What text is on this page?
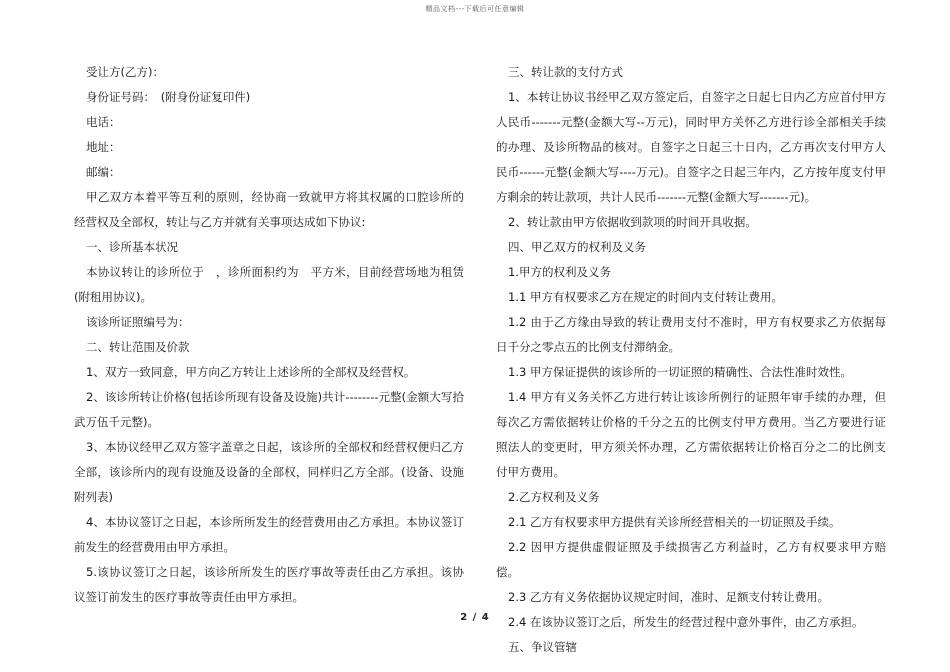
精品文档---下载后可任意编辑

受让方(乙方)：

身份证号码：　(附身份证复印件)

电话：

地址：

邮编：

甲乙双方本着平等互利的原则，经协商一致就甲方将其权属的口腔诊所的经营权及全部权，转让与乙方并就有关事项达成如下协议:

一、诊所基本状况

本协议转让的诊所位于　，诊所面积约为　平方米，目前经营场地为租赁(附租用协议)。

该诊所证照编号为：

二、转让范围及价款

1、双方一致同意，甲方向乙方转让上述诊所的全部权及经营权。

2、该诊所转让价格(包括诊所现有设备及设施)共计--------元整(金额大写拾武万伍千元整)。

3、本协议经甲乙双方签字盖章之日起，该诊所的全部权和经营权便归乙方全部，该诊所内的现有设施及设备的全部权，同样归乙方全部。(设备、设施附列表)

4、本协议签订之日起，本诊所所发生的经营费用由乙方承担。本协议签订前发生的经营费用由甲方承担。

5.该协议签订之日起，该诊所所发生的医疗事故等责任由乙方承担。该协议签订前发生的医疗事故等责任由甲方承担。

三、转让款的支付方式

1、本转让协议书经甲乙双方签定后，自签字之日起七日内乙方应首付甲方人民币-------元整(金额大写--万元)，同时甲方关怀乙方进行诊全部相关手续的办理、及诊所物品的核对。自签字之日起三十日内，乙方再次支付甲方人民币------元整(金额大写----万元)。自签字之日起三年内，乙方按年度支付甲方剩余的转让款项，共计人民币-------元整(金额大写-------元)。

2、转让款由甲方依据收到款项的时间开具收据。

四、甲乙双方的权利及义务

1.甲方的权利及义务

1.1 甲方有权要求乙方在规定的时间内支付转让费用。

1.2 由于乙方缘由导致的转让费用支付不准时，甲方有权要求乙方依据每日千分之零点五的比例支付滞纳金。

1.3 甲方保证提供的该诊所的一切证照的精确性、合法性准时效性。

1.4 甲方有义务关怀乙方进行转让该诊所例行的证照年审手续的办理，但每次乙方需依据转让价格的千分之五的比例支付甲方费用。当乙方要进行证照法人的变更时，甲方须关怀办理，乙方需依据转让价格百分之二的比例支付甲方费用。

2.乙方权利及义务

2.1 乙方有权要求甲方提供有关诊所经营相关的一切证照及手续。

2.2 因甲方提供虚假证照及手续损害乙方利益时，乙方有权要求甲方赔偿。

2.3 乙方有义务依据协议规定时间，准时、足额支付转让费用。

2.4 在该协议签订之后，所发生的经营过程中意外事件，由乙方承担。

五、争议管辖

2 / 4
